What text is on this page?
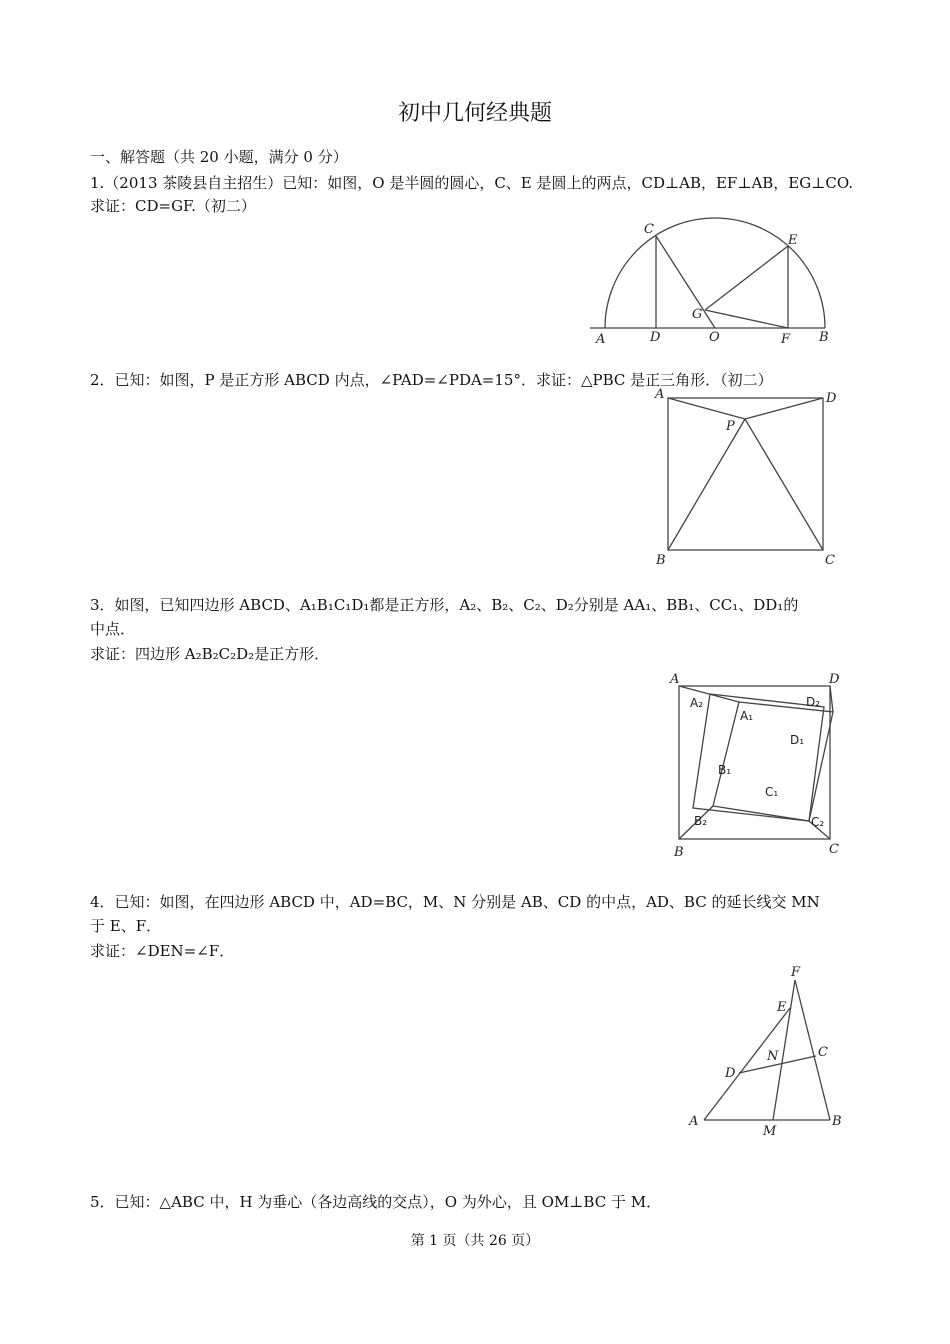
初中几何经典题
一、解答题（共 20 小题，满分 0 分）
1.（2013 茶陵县自主招生）已知：如图，O 是半圆的圆心，C、E 是圆上的两点，CD⊥AB，EF⊥AB，EG⊥CO.
求证：CD=GF.（初二）
C
E
G
A	D	O	F B
2．已知：如图，P 是正方形 ABCD 内点，∠PAD=∠PDA=15°．求证：△PBC 是正三角形．（初二）
A	D
P
B	C
3．如图，已知四边形 ABCD、A₁B₁C₁D₁都是正方形，A₂、B₂、C₂、D₂分别是 AA₁、BB₁、CC₁、DD₁的
中点．
求证：四边形 A₂B₂C₂D₂是正方形．
A	D
B	C
A₂	D₂
A₁
D₁
B₁
C₁
B₂	C₂
4．已知：如图，在四边形 ABCD 中，AD=BC，M、N 分别是 AB、CD 的中点，AD、BC 的延长线交 MN
于 E、F．
求证：∠DEN=∠F．
F
E
N	C
D
A
M
B
5．已知：△ABC 中，H 为垂心（各边高线的交点），O 为外心，且 OM⊥BC 于 M．
第 1 页（共 26 页）
